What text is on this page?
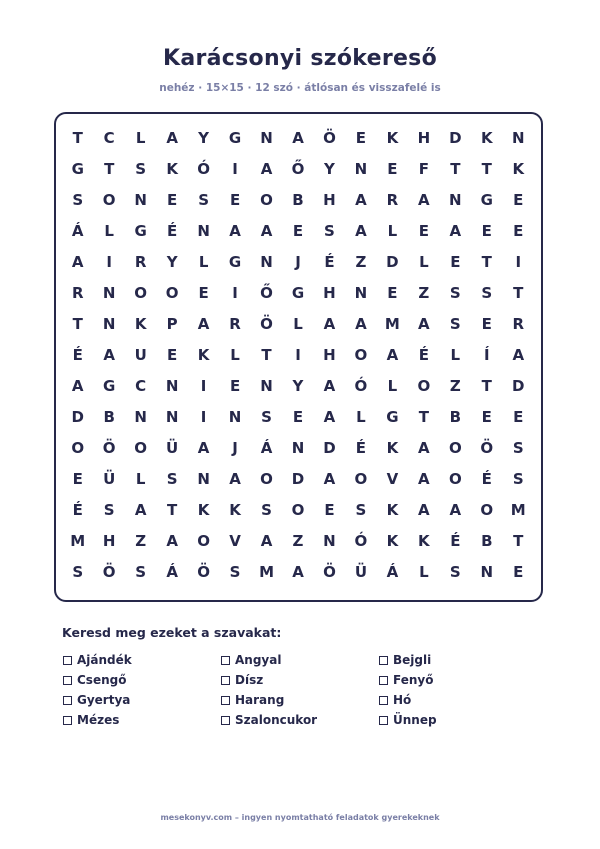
Karácsonyi szókereső
nehéz · 15×15 · 12 szó · átlósan és visszafelé is
T	C	L	A	Y	G	N	A	Ö	E	K	H	D	K	N
G	T	S	K	Ó	I	A	Ő	Y	N	E	F	T	T	K
S	O	N	E	S	E	O	B	H	A	R	A	N	G	E
Á	L	G	É	N	A	A	E	S	A	L	E	A	E	E
A	I	R	Y	L	G	N	J	É	Z	D	L	E	T	I
R	N	O	O	E	I	Ő	G	H	N	E	Z	S	S	T
T	N	K	P	A	R	Ö	L	A	A	M	A	S	E	R
É	A	U	E	K	L	T	I	H	O	A	É	L	Í	A
A	G	C	N	I	E	N	Y	A	Ó	L	O	Z	T	D
D	B	N	N	I	N	S	E	A	L	G	T	B	E	E
O	Ö	O	Ü	A	J	Á	N	D	É	K	A	O	Ö	S
E	Ü	L	S	N	A	O	D	A	O	V	A	O	É	S
É	S	A	T	K	K	S	O	E	S	K	A	A	O	M
M	H	Z	A	O	V	A	Z	N	Ó	K	K	É	B	T
S	Ö	S	Á	Ö	S	M	A	Ö	Ü	Á	L	S	N	E
Keresd meg ezeket a szavakat:
Ajándék	Angyal	Bejgli
Csengő	Dísz	Fenyő
Gyertya	Harang	Hó
Mézes	Szaloncukor	Ünnep
mesekonyv.com – ingyen nyomtatható feladatok gyerekeknek
